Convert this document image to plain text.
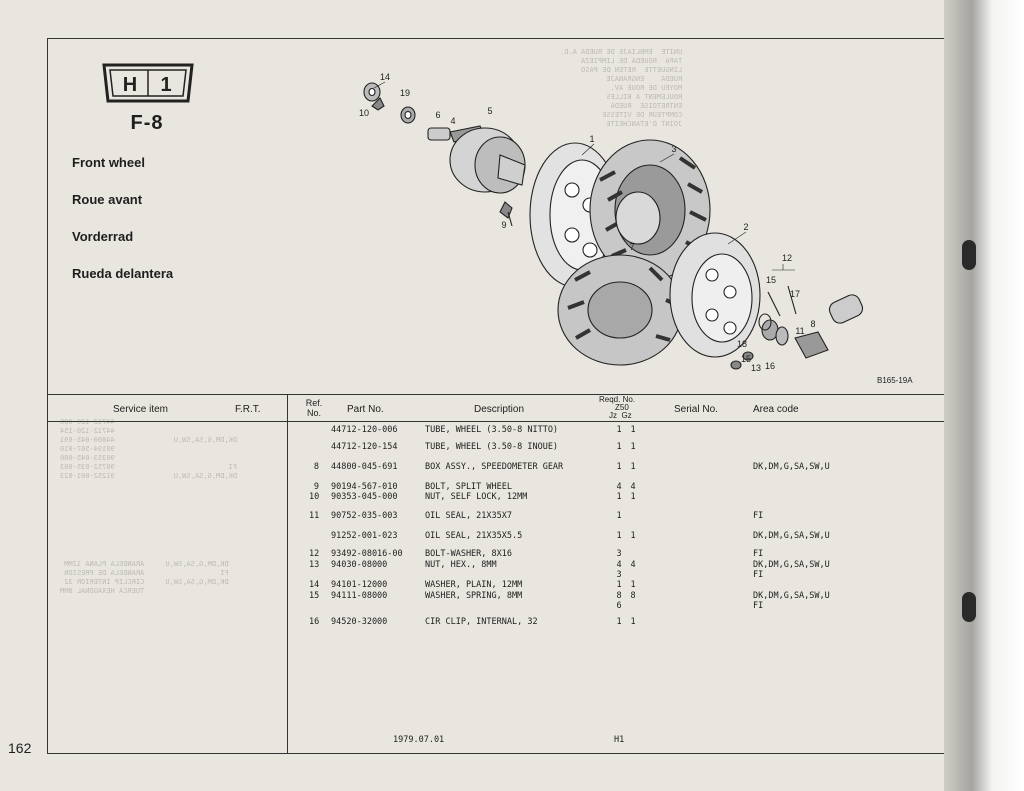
UNITE  EMBLIAJE DE RUEDA A.D.
TAPA  ROUEDA DE LIMPIEZA
LINGUETTE  RETEN DE PASO
RUEDA    ENGRANAJE
MOYEU DE ROUE AV.
ROULEMENT A BILLES
ENTRETOISE  RUEDA
COMPTEUR DE VITESSE
JOINT D'ETANCHEITE
44712-120-006
44712-120-154
DK,DM,G,SA,SW,U              44800-045-691
90194-567-010
90353-045-000
FI                           90752-035-003
DK,DM,G,SA,SW,U              91252-001-023
DK,DM,G,SA,SW,U     ARANDELA PLANA 12MM
FI                  ARANDELA DE PRESION
DK,DM,G,SA,SW,U     CIRCLIP INTERIOR 32
TUERCA HEXAGONAL 8MM
H 1
F-8
Front wheel
Roue avant
Vorderrad
Rueda delantera
14
19
10	6
4
5
1
3
9
7
2
12
15
17
11
8
18
16
15
13
B165-19A
Service item	F.R.T.
Ref. No.	Part No.	Description
Reqd. No.
Z50
Jz  Gz
Serial No.	Area code
44712-120-006	TUBE, WHEEL (3.50-8 NITTO)	1 1
44712-120-154	TUBE, WHEEL (3.50-8 INOUE)	1 1
8 44800-045-691	BOX ASSY., SPEEDOMETER GEAR	1 1	DK,DM,G,SA,SW,U
9 90194-567-010	BOLT, SPLIT WHEEL	4 4
10 90353-045-000	NUT, SELF LOCK, 12MM	1 1
11 90752-035-003	OIL SEAL, 21X35X7	1	FI
91252-001-023	OIL SEAL, 21X35X5.5	1 1	DK,DM,G,SA,SW,U
12 93492-08016-00	BOLT-WASHER, 8X16	3	FI
13 94030-08000	NUT, HEX., 8MM	4 4	DK,DM,G,SA,SW,U
3	FI
14 94101-12000	WASHER, PLAIN, 12MM	1 1
15 94111-08000	WASHER, SPRING, 8MM	8 8	DK,DM,G,SA,SW,U
6	FI
16 94520-32000	CIR CLIP, INTERNAL, 32	1 1
1979.07.01	H1
162
